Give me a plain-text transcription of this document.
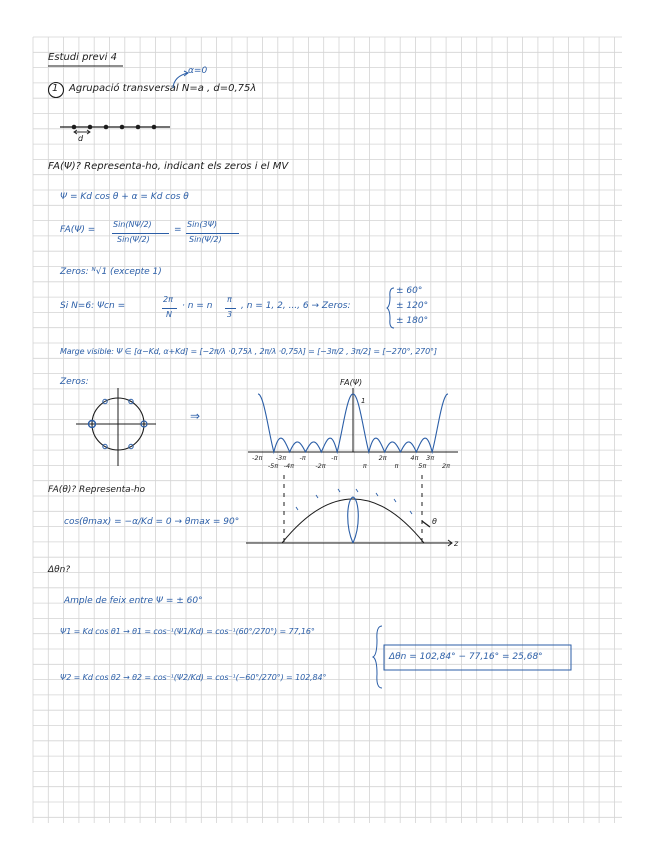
Estudi previ 4
1 Agrupació transversal N=a , d=0,75λ
α=0
d
FA(Ψ)? Representa-ho, indicant els zeros i el MV
Ψ = Kd cos θ + α = Kd cos θ
FA(Ψ) =
Sin(NΨ/2)
Sin(Ψ/2)
=
Sin(3Ψ)
Sin(Ψ/2)
Zeros: ᴺ√1 (excepte 1)
Si N=6: Ψcn =
2π
N
· n = n
π
3
, n = 1, 2, ..., 6 → Zeros:
± 60°
± 120°
± 180°
Marge visible: Ψ ∈ [α−Kd, α+Kd] = [−2π/λ ·0,75λ , 2π/λ ·0,75λ] = [−3π/2 , 3π/2] = [−270°, 270°]
Zeros:
⇒
FA(Ψ)
1
-2π
-5π
-3π
-4π
-π
-2π
-π
π
2π
π
4π
5π
3π
2π
FA(θ)? Representa-ho
cos(θmax) = −α/Kd = 0 → θmax = 90°
z
θ
Δθn?
Ample de feix entre Ψ = ± 60°
Ψ1 = Kd cos θ1 → θ1 = cos⁻¹(Ψ1/Kd) = cos⁻¹(60°/270°) = 77,16°
Ψ2 = Kd cos θ2 → θ2 = cos⁻¹(Ψ2/Kd) = cos⁻¹(−60°/270°) = 102,84°
Δθn = 102,84° − 77,16° = 25,68°
